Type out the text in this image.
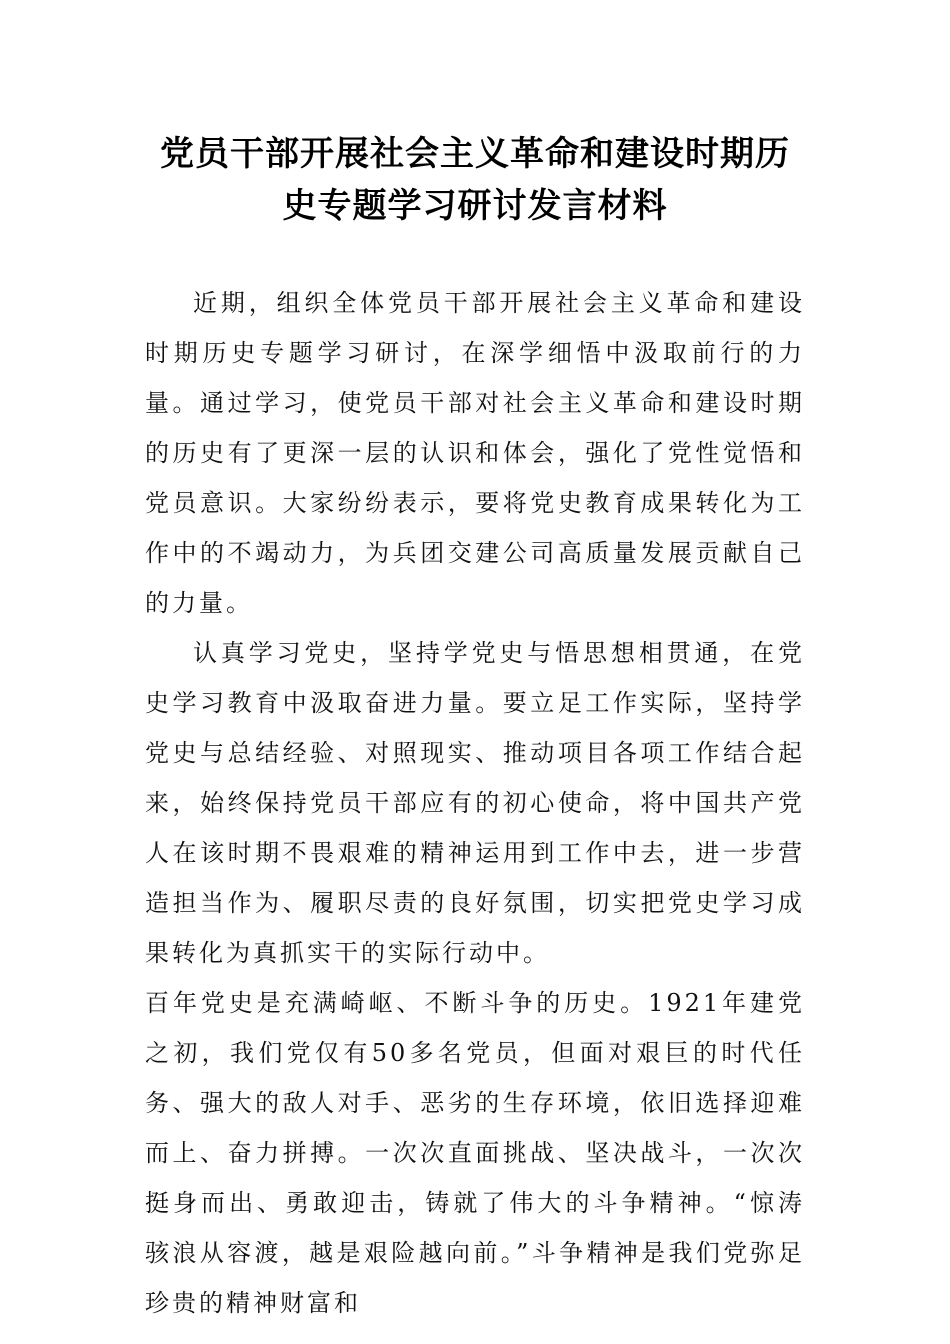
党员干部开展社会主义革命和建设时期历史专题学习研讨发言材料

近期，组织全体党员干部开展社会主义革命和建设时期历史专题学习研讨，在深学细悟中汲取前行的力量。通过学习，使党员干部对社会主义革命和建设时期的历史有了更深一层的认识和体会，强化了党性觉悟和党员意识。大家纷纷表示，要将党史教育成果转化为工作中的不竭动力，为兵团交建公司高质量发展贡献自己的力量。

认真学习党史，坚持学党史与悟思想相贯通，在党史学习教育中汲取奋进力量。要立足工作实际，坚持学党史与总结经验、对照现实、推动项目各项工作结合起来，始终保持党员干部应有的初心使命，将中国共产党人在该时期不畏艰难的精神运用到工作中去，进一步营造担当作为、履职尽责的良好氛围，切实把党史学习成果转化为真抓实干的实际行动中。

百年党史是充满崎岖、不断斗争的历史。1921年建党之初，我们党仅有50多名党员，但面对艰巨的时代任务、强大的敌人对手、恶劣的生存环境，依旧选择迎难而上、奋力拼搏。一次次直面挑战、坚决战斗，一次次挺身而出、勇敢迎击，铸就了伟大的斗争精神。“惊涛骇浪从容渡，越是艰险越向前。”斗争精神是我们党弥足珍贵的精神财富和
